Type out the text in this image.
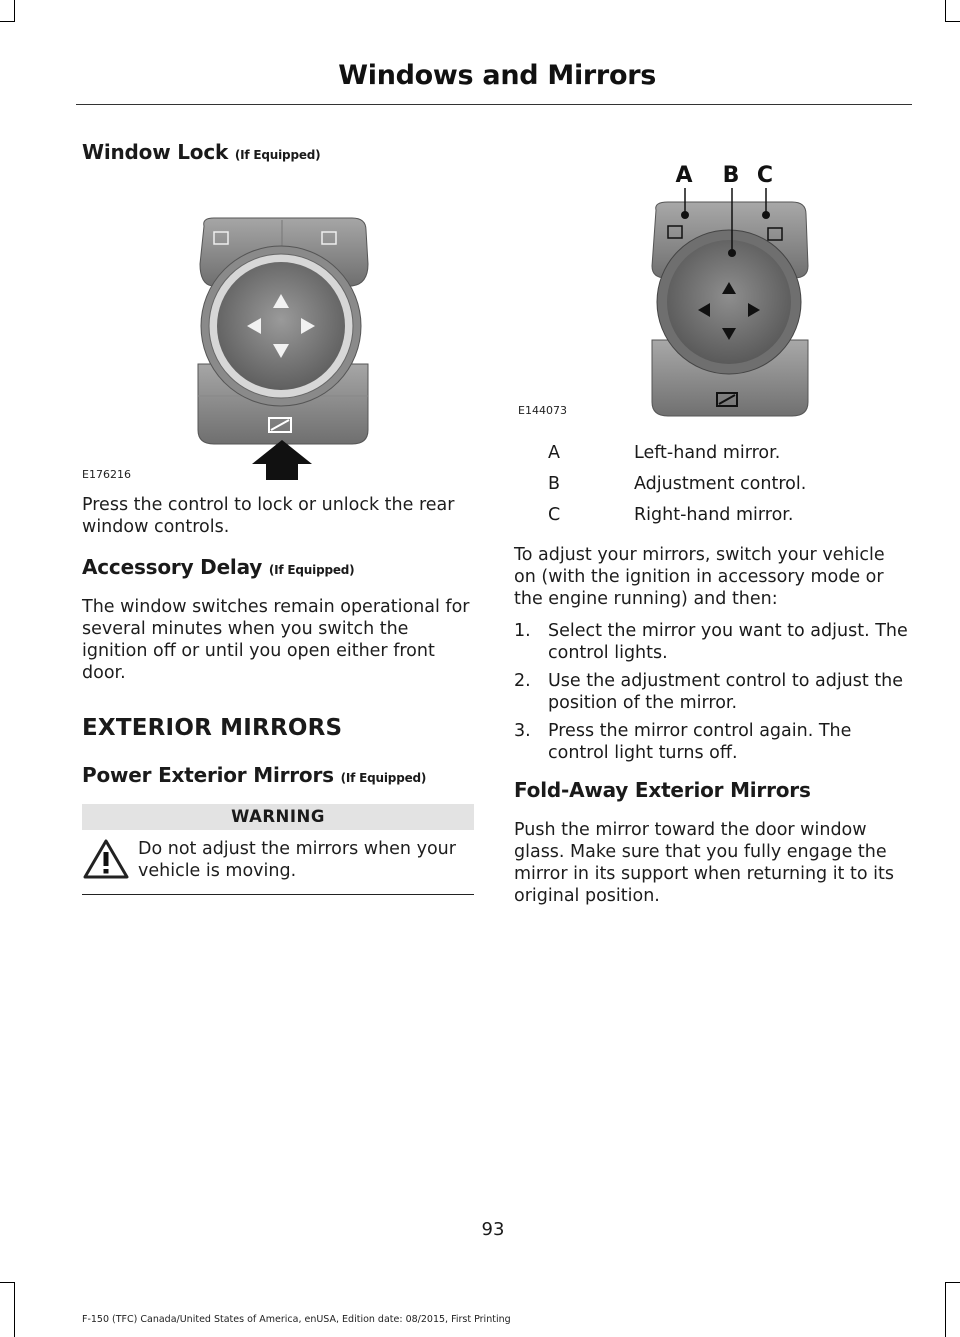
Windows and Mirrors
Window Lock (If Equipped)
E176216

Press the control to lock or unlock the rear window controls.

Accessory Delay (If Equipped)

The window switches remain operational for several minutes when you switch the ignition off or until you open either front door.

EXTERIOR MIRRORS
Power Exterior Mirrors (If Equipped)
WARNING

Do not adjust the mirrors when your vehicle is moving.

A B C
E144073
A	Left-hand mirror.
B	Adjustment control.
C	Right-hand mirror.

To adjust your mirrors, switch your vehicle on (with the ignition in accessory mode or the engine running) and then:

1. Select the mirror you want to adjust. The control lights.
2. Use the adjustment control to adjust the position of the mirror.
3. Press the mirror control again. The control light turns off.
Fold-Away Exterior Mirrors

Push the mirror toward the door window glass. Make sure that you fully engage the mirror in its support when returning it to its original position.

93
F-150 (TFC) Canada/United States of America, enUSA, Edition date: 08/2015, First Printing
